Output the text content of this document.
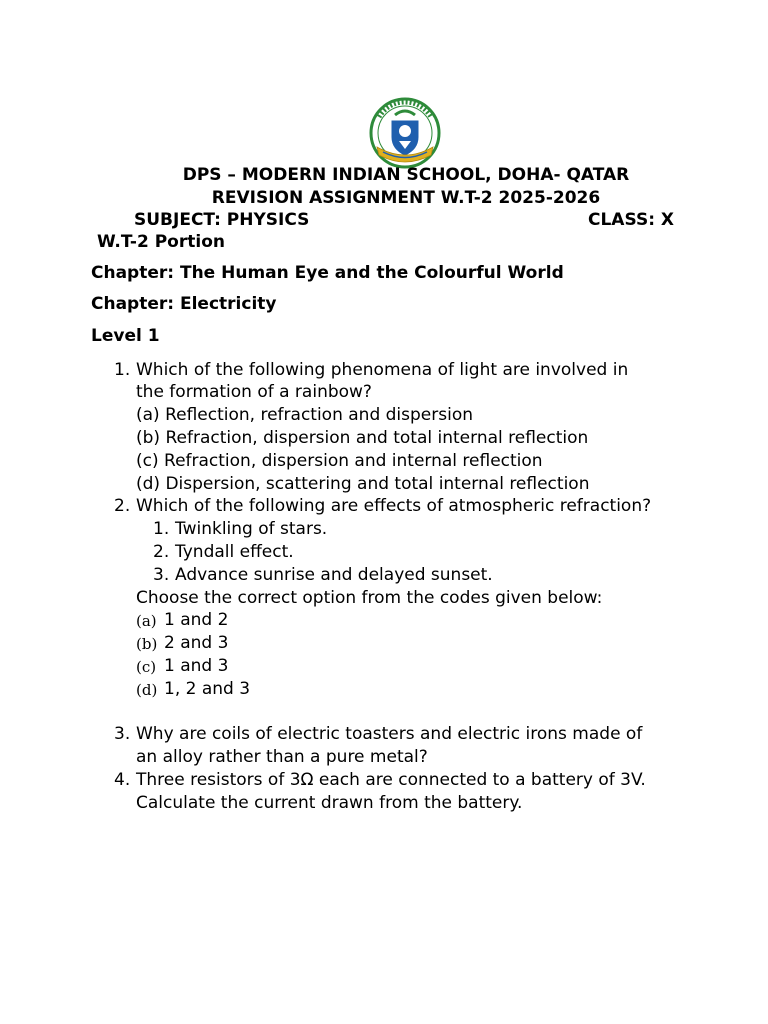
DPS – MODERN INDIAN SCHOOL, DOHA- QATAR
REVISION ASSIGNMENT W.T-2 2025-2026
SUBJECT: PHYSICS	CLASS: X
W.T-2 Portion
Chapter: The Human Eye and the Colourful World
Chapter: Electricity
Level 1
1. Which of the following phenomena of light are involved in
the formation of a rainbow?
(a) Reflection, refraction and dispersion
(b) Refraction, dispersion and total internal reflection
(c) Refraction, dispersion and internal reflection
(d) Dispersion, scattering and total internal reflection
2. Which of the following are effects of atmospheric refraction?
1. Twinkling of stars.
2. Tyndall effect.
3. Advance sunrise and delayed sunset.
Choose the correct option from the codes given below:
(a) 1 and 2
(b) 2 and 3
(c) 1 and 3
(d) 1, 2 and 3
3. Why are coils of electric toasters and electric irons made of
an alloy rather than a pure metal?
4. Three resistors of 3Ω each are connected to a battery of 3V.
Calculate the current drawn from the battery.
